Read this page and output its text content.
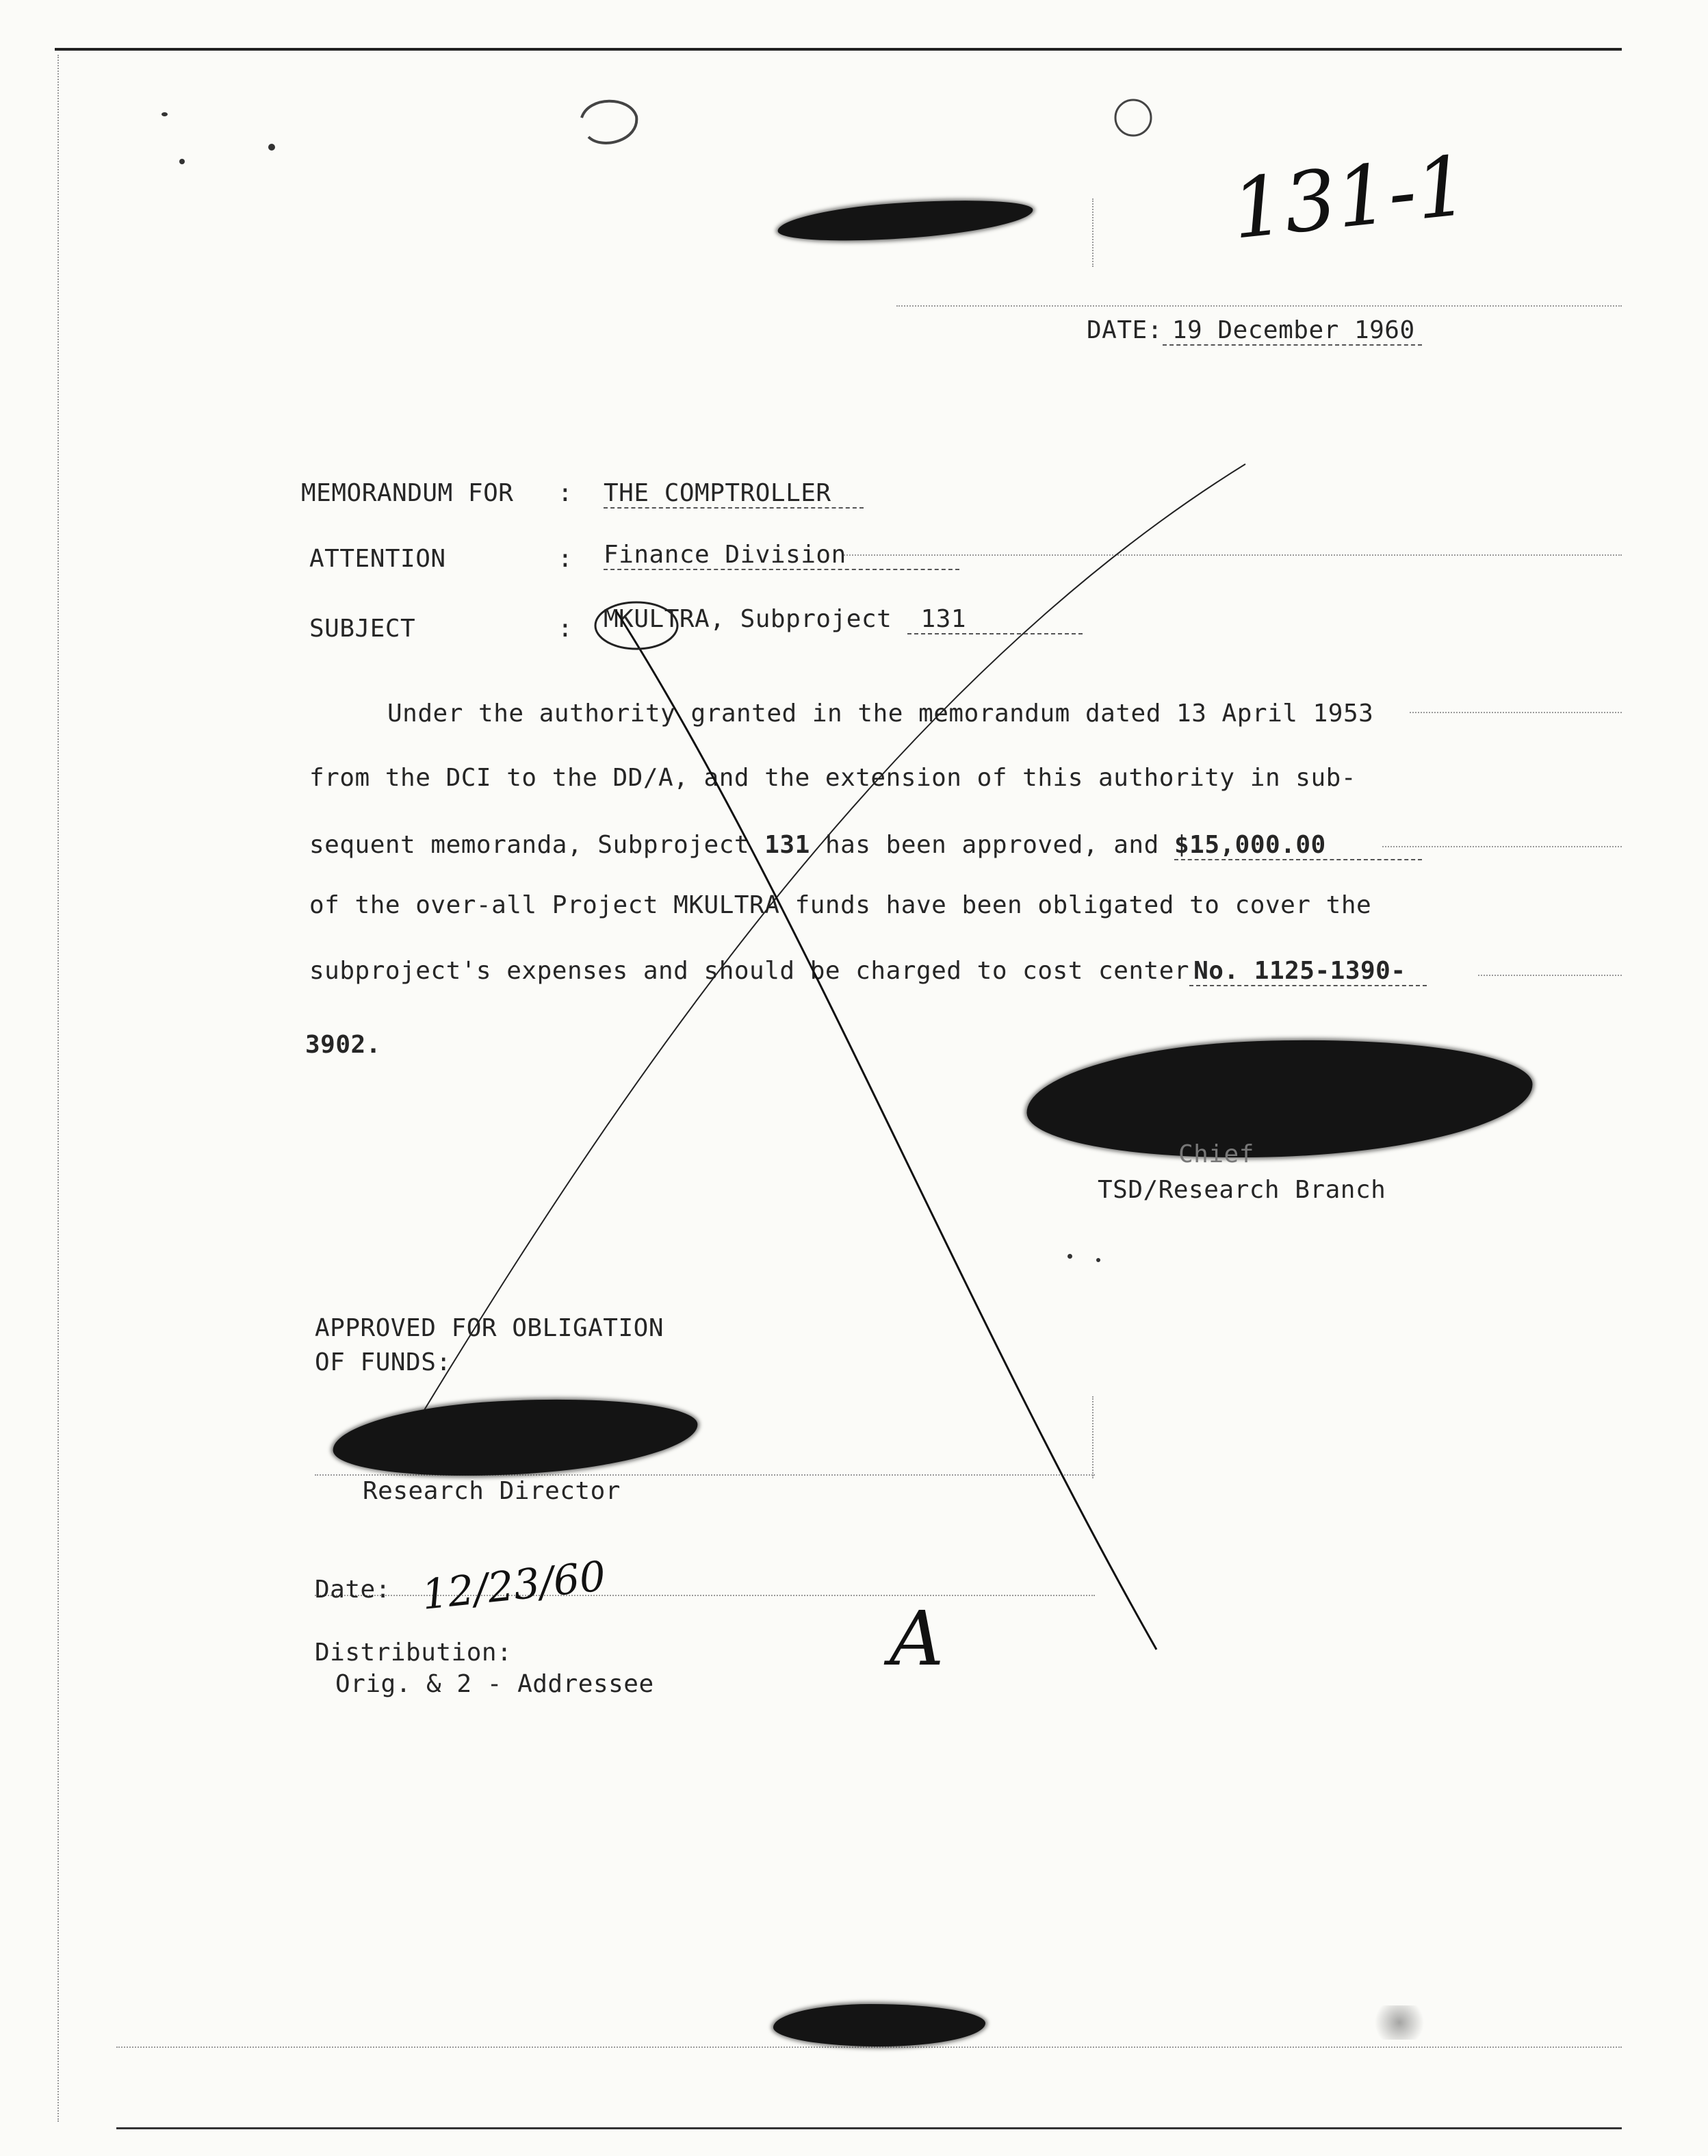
131-1
DATE: 19 December 1960
MEMORANDUM FOR : THE COMPTROLLER
ATTENTION	: Finance Division
SUBJECT	: MKULTRA, Subproject 131
Under the authority granted in the memorandum dated 13 April 1953
from the DCI to the DD/A, and the extension of this authority in sub-
sequent memoranda, Subproject 131 has been approved, and $15,000.00
of the over-all Project MKULTRA funds have been obligated to cover the
subproject's expenses and should be charged to cost center No. 1125-1390-
3902.
Chief
TSD/Research Branch
APPROVED FOR OBLIGATION
OF FUNDS:
Research Director
Date: 12/23/60
Distribution:
Orig. & 2 - Addressee
A
